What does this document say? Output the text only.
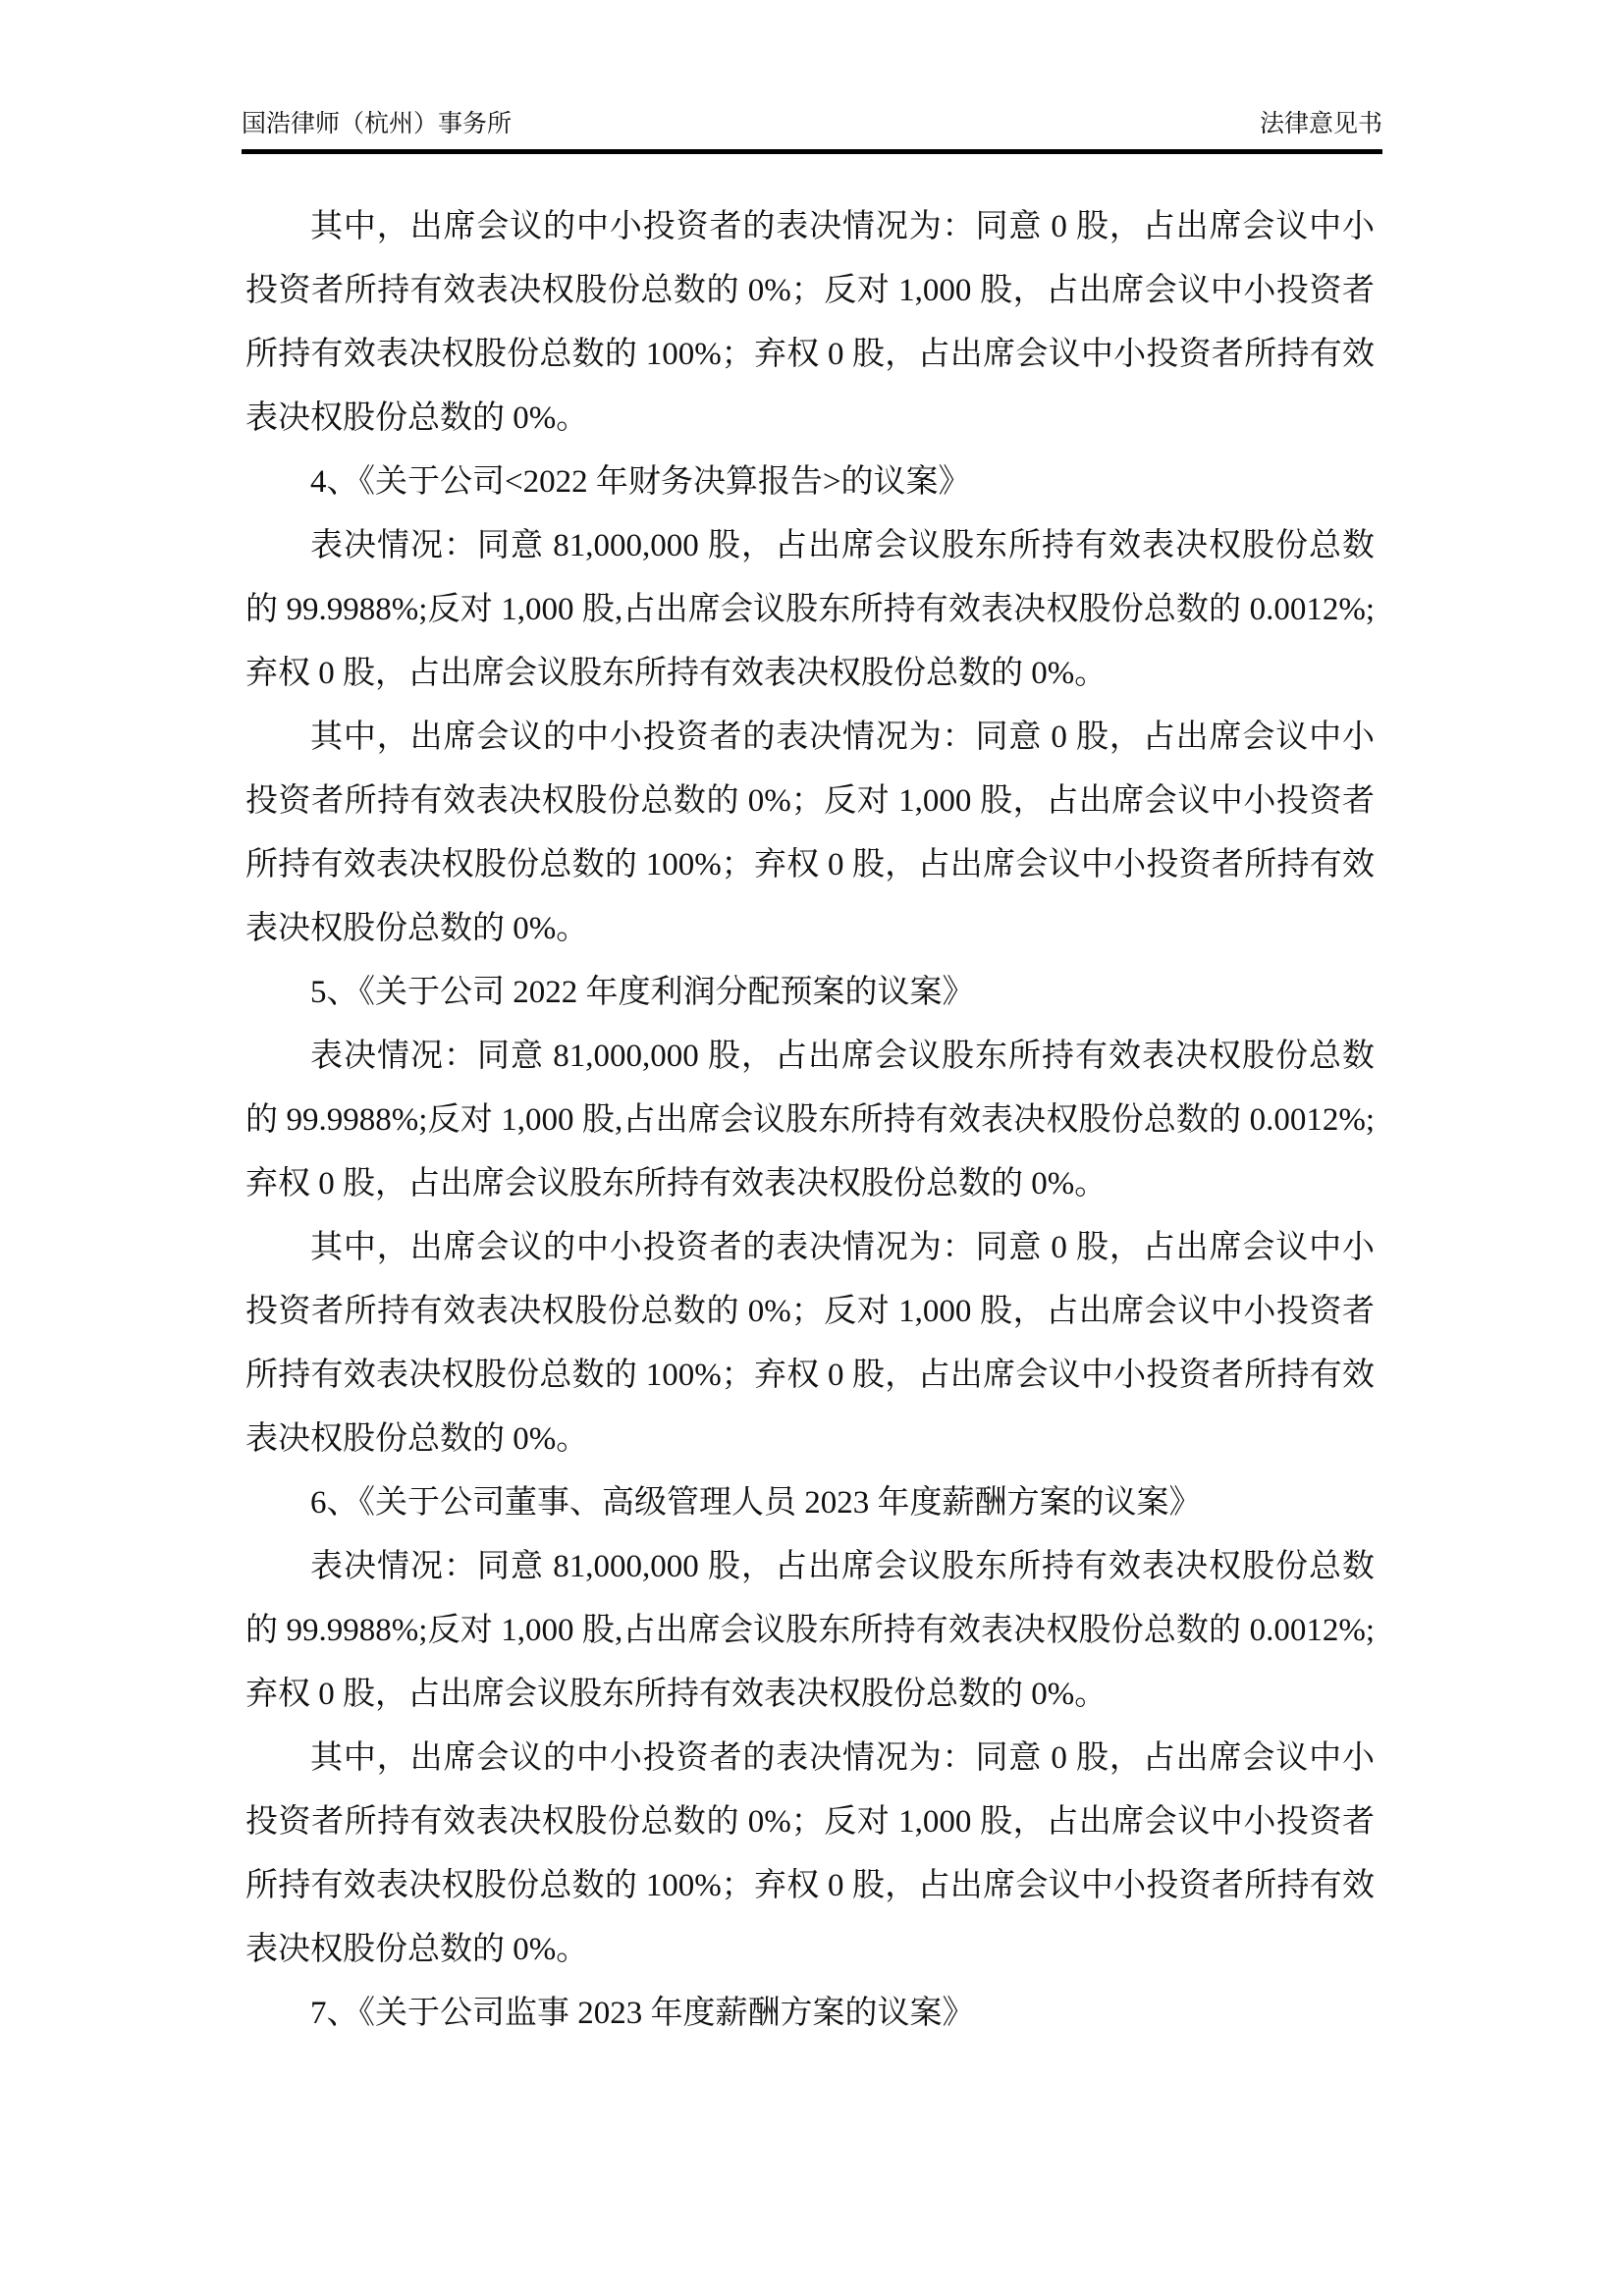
国浩律师（杭州）事务所	法律意见书

其中，出席会议的中小投资者的表决情况为：同意 0 股，占出席会议中小投资者所持有效表决权股份总数的 0%；反对 1,000 股，占出席会议中小投资者所持有效表决权股份总数的 100%；弃权 0 股，占出席会议中小投资者所持有效表决权股份总数的 0%。

4、《关于公司<2022 年财务决算报告>的议案》

表决情况：同意 81,000,000 股，占出席会议股东所持有效表决权股份总数的 99.9988%;反对 1,000 股,占出席会议股东所持有效表决权股份总数的 0.0012%;弃权 0 股，占出席会议股东所持有效表决权股份总数的 0%。

其中，出席会议的中小投资者的表决情况为：同意 0 股，占出席会议中小投资者所持有效表决权股份总数的 0%；反对 1,000 股，占出席会议中小投资者所持有效表决权股份总数的 100%；弃权 0 股，占出席会议中小投资者所持有效表决权股份总数的 0%。

5、《关于公司 2022 年度利润分配预案的议案》

表决情况：同意 81,000,000 股，占出席会议股东所持有效表决权股份总数的 99.9988%;反对 1,000 股,占出席会议股东所持有效表决权股份总数的 0.0012%;弃权 0 股，占出席会议股东所持有效表决权股份总数的 0%。

其中，出席会议的中小投资者的表决情况为：同意 0 股，占出席会议中小投资者所持有效表决权股份总数的 0%；反对 1,000 股，占出席会议中小投资者所持有效表决权股份总数的 100%；弃权 0 股，占出席会议中小投资者所持有效表决权股份总数的 0%。

6、《关于公司董事、高级管理人员 2023 年度薪酬方案的议案》

表决情况：同意 81,000,000 股，占出席会议股东所持有效表决权股份总数的 99.9988%;反对 1,000 股,占出席会议股东所持有效表决权股份总数的 0.0012%;弃权 0 股，占出席会议股东所持有效表决权股份总数的 0%。

其中，出席会议的中小投资者的表决情况为：同意 0 股，占出席会议中小投资者所持有效表决权股份总数的 0%；反对 1,000 股，占出席会议中小投资者所持有效表决权股份总数的 100%；弃权 0 股，占出席会议中小投资者所持有效表决权股份总数的 0%。

7、《关于公司监事 2023 年度薪酬方案的议案》
